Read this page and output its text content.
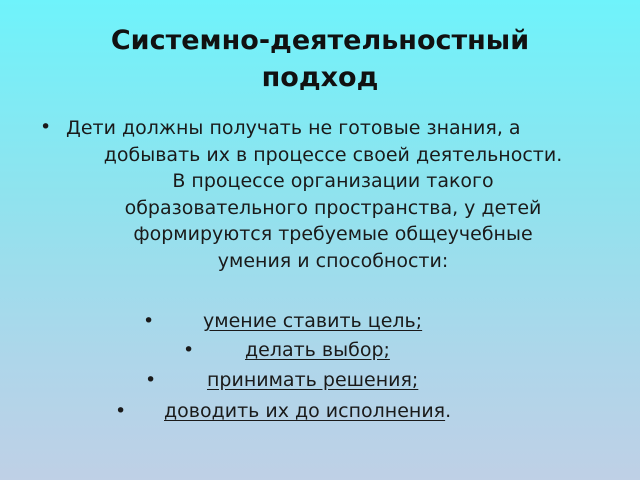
Системно-деятельностный
подход
• Дети должны получать не готовые знания, а
добывать их в процессе своей деятельности.
В процессе организации такого
образовательного пространства, у детей
формируются требуемые общеучебные
умения и способности:
•	умение ставить цель;
•	делать выбор;
•	принимать решения;
• доводить их до исполнения.
